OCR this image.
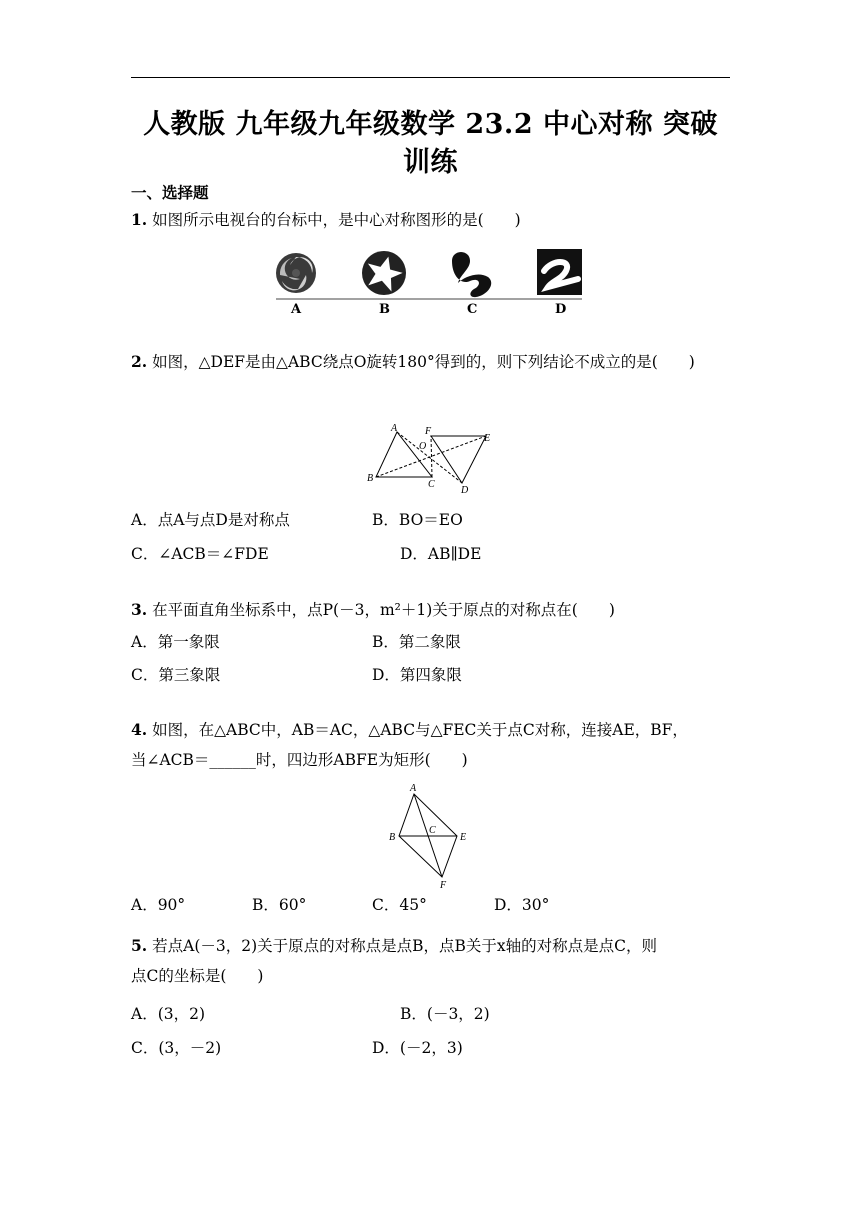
人教版 九年级九年级数学 23.2 中心对称 突破训练
一、选择题
1. 如图所示电视台的台标中，是中心对称图形的是(　　)
A	B	C	D
2. 如图，△DEF是由△ABC绕点O旋转180°得到的，则下列结论不成立的是(　　)
A
B
C
D
E
F
O
A．点A与点D是对称点	B．BO＝EO
C．∠ACB＝∠FDE	D．AB∥DE
3. 在平面直角坐标系中，点P(－3，m²＋1)关于原点的对称点在(　　)
A．第一象限	B．第二象限
C．第三象限	D．第四象限
4. 如图，在△ABC中，AB＝AC，△ABC与△FEC关于点C对称，连接AE，BF，
当∠ACB＝______时，四边形ABFE为矩形(　　)
A
B
C
E
F
A．90°	B．60°	C．45°	D．30°
5. 若点A(－3，2)关于原点的对称点是点B，点B关于x轴的对称点是点C，则
点C的坐标是(　　)
A．(3，2)	B．(－3，2)
C．(3，－2)	D．(－2，3)
